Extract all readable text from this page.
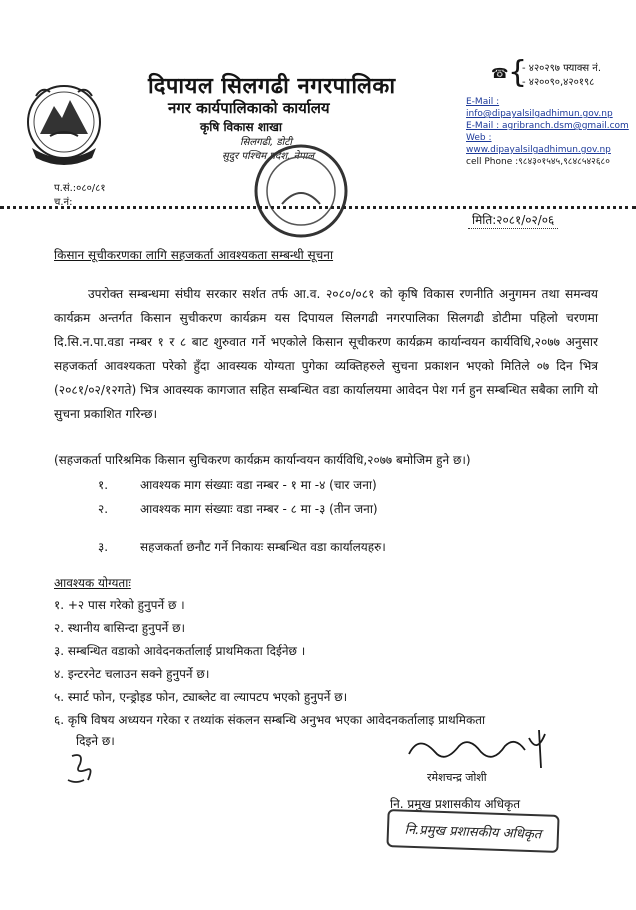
दिपायल सिलगढी नगरपालिका
नगर कार्यपालिकाको कार्यालय
कृषि विकास शाखा
सिलगढी, डोटी
सुदुर पश्चिम प्रदेश, नेपाल
☎ {
- ४२०२९७ फ्याक्स नं.
- ४२००९०,४२०१९८
E-Mail : info@dipayalsilgadhimun.gov.np
E-Mail : agribranch.dsm@gmail.com
Web : www.dipayalsilgadhimun.gov.np
cell Phone :९८४३०१५४५,९८४८५४२६८०
प.सं.:०८०/८१
च.नं:
मिति:२०८१/०२/०६
किसान सूचीकरणका लागि सहजकर्ता आवश्यकता सम्बन्धी सूचना
उपरोक्त सम्बन्धमा संघीय सरकार सर्शत तर्फ आ.व. २०८०/०८१ को कृषि विकास रणनीति अनुगमन तथा समन्वय कार्यक्रम अन्तर्गत किसान सुचीकरण कार्यक्रम यस दिपायल सिलगढी नगरपालिका सिलगढी डोटीमा पहिलो चरणमा दि.सि.न.पा.वडा नम्बर १ र ८ बाट शुरुवात गर्ने भएकोले किसान सूचीकरण कार्यक्रम कार्यान्वयन कार्यविधि,२०७७ अनुसार सहजकर्ता आवश्यकता परेको हुँदा आवस्यक योग्यता पुगेका व्यक्तिहरुले सुचना प्रकाशन भएको मितिले ०७ दिन भित्र (२०८१/०२/१२गते) भित्र आवस्यक कागजात सहित सम्बन्धित वडा कार्यालयमा आवेदन पेश गर्न हुन सम्बन्धित सबैका लागि यो सुचना प्रकाशित गरिन्छ।
(सहजकर्ता पारिश्रमिक किसान सुचिकरण कार्यक्रम कार्यान्वयन कार्यविधि,२०७७ बमोजिम हुने छ।)
१.	आवश्यक माग संख्याः वडा नम्बर - १ मा -४ (चार जना)
२.	आवश्यक माग संख्याः वडा नम्बर - ८ मा -३ (तीन जना)
३.	सहजकर्ता छनौट गर्ने निकायः सम्बन्धित वडा कार्यालयहरु।
आवश्यक योग्यताः
१. +२ पास गरेको हुनुपर्ने छ ।
२. स्थानीय बासिन्दा हुनुपर्ने छ।
३. सम्बन्धित वडाको आवेदनकर्तालाई प्राथमिकता दिईनेछ ।
४. इन्टरनेट चलाउन सक्ने हुनुपर्ने छ।
५. स्मार्ट फोन, एन्ड्रोइड फोन, ट्याब्लेट वा ल्यापटप भएको हुनुपर्ने छ।
६. कृषि विषय अध्ययन गरेका र तथ्यांक संकलन सम्बन्धि अनुभव भएका आवेदनकर्तालाइ प्राथमिकता
दिइने छ।
रमेशचन्द्र जोशी
नि. प्रमुख प्रशासकीय अधिकृत
नि.प्रमुख प्रशासकीय अधिकृत
